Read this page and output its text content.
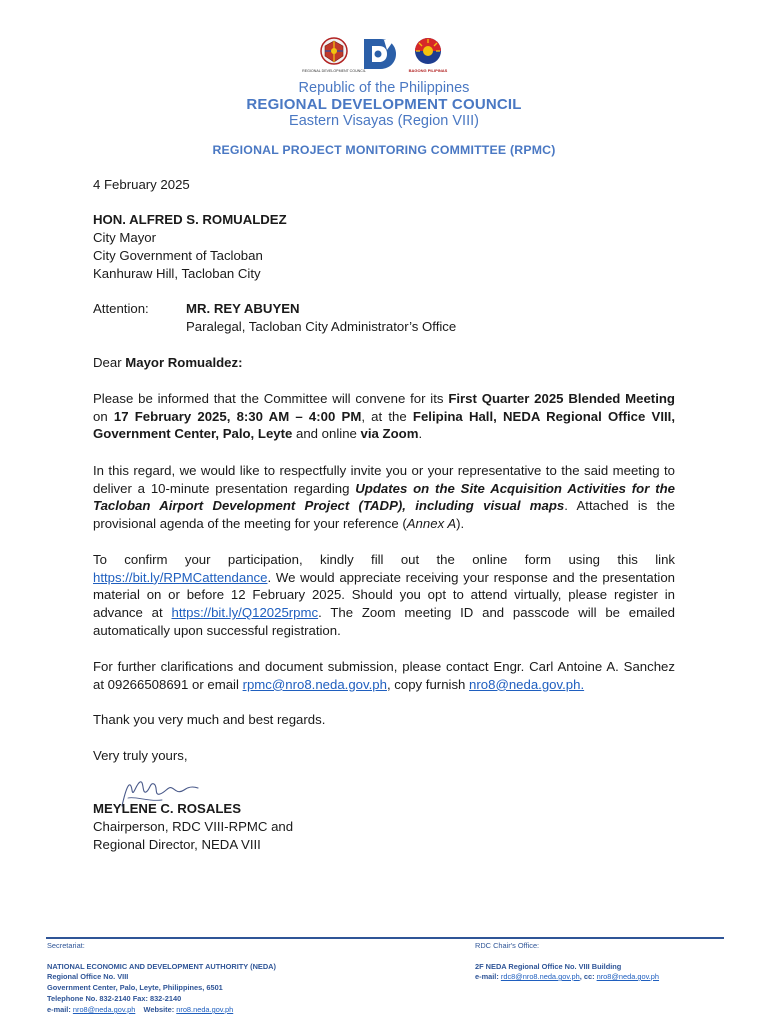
REGIONAL DEVELOPMENT COUNCIL	BAGONG PILIPINAS
Republic of the Philippines
REGIONAL DEVELOPMENT COUNCIL
Eastern Visayas (Region VIII)
REGIONAL PROJECT MONITORING COMMITTEE (RPMC)
4 February 2025
HON. ALFRED S. ROMUALDEZ
City Mayor
City Government of Tacloban
Kanhuraw Hill, Tacloban City
Attention:	MR. REY ABUYEN
Paralegal, Tacloban City Administrator’s Office
Dear Mayor Romualdez:
Please be informed that the Committee will convene for its First Quarter 2025 Blended Meeting on 17 February 2025, 8:30 AM – 4:00 PM, at the Felipina Hall, NEDA Regional Office VIII, Government Center, Palo, Leyte and online via Zoom.
In this regard, we would like to respectfully invite you or your representative to the said meeting to deliver a 10-minute presentation regarding Updates on the Site Acquisition Activities for the Tacloban Airport Development Project (TADP), including visual maps. Attached is the provisional agenda of the meeting for your reference (Annex A).
To confirm your participation, kindly fill out the online form using this link https://bit.ly/RPMCattendance. We would appreciate receiving your response and the presentation material on or before 12 February 2025. Should you opt to attend virtually, please register in advance at https://bit.ly/Q12025rpmc. The Zoom meeting ID and passcode will be emailed automatically upon successful registration.
For further clarifications and document submission, please contact Engr. Carl Antoine A. Sanchez at 09266508691 or email rpmc@nro8.neda.gov.ph, copy furnish nro8@neda.gov.ph.
Thank you very much and best regards.
Very truly yours,
MEYLENE C. ROSALES
Chairperson, RDC VIII-RPMC and
Regional Director, NEDA VIII
Secretariat:
NATIONAL ECONOMIC AND DEVELOPMENT AUTHORITY (NEDA)
Regional Office No. VIII
Government Center, Palo, Leyte, Philippines, 6501
Telephone No. 832-2140 Fax: 832-2140
e-mail: nro8@neda.gov.ph    Website: nro8.neda.gov.ph
RDC Chair's Office:
2F NEDA Regional Office No. VIII Building
e-mail: rdc8@nro8.neda.gov.ph, cc: nro8@neda.gov.ph
